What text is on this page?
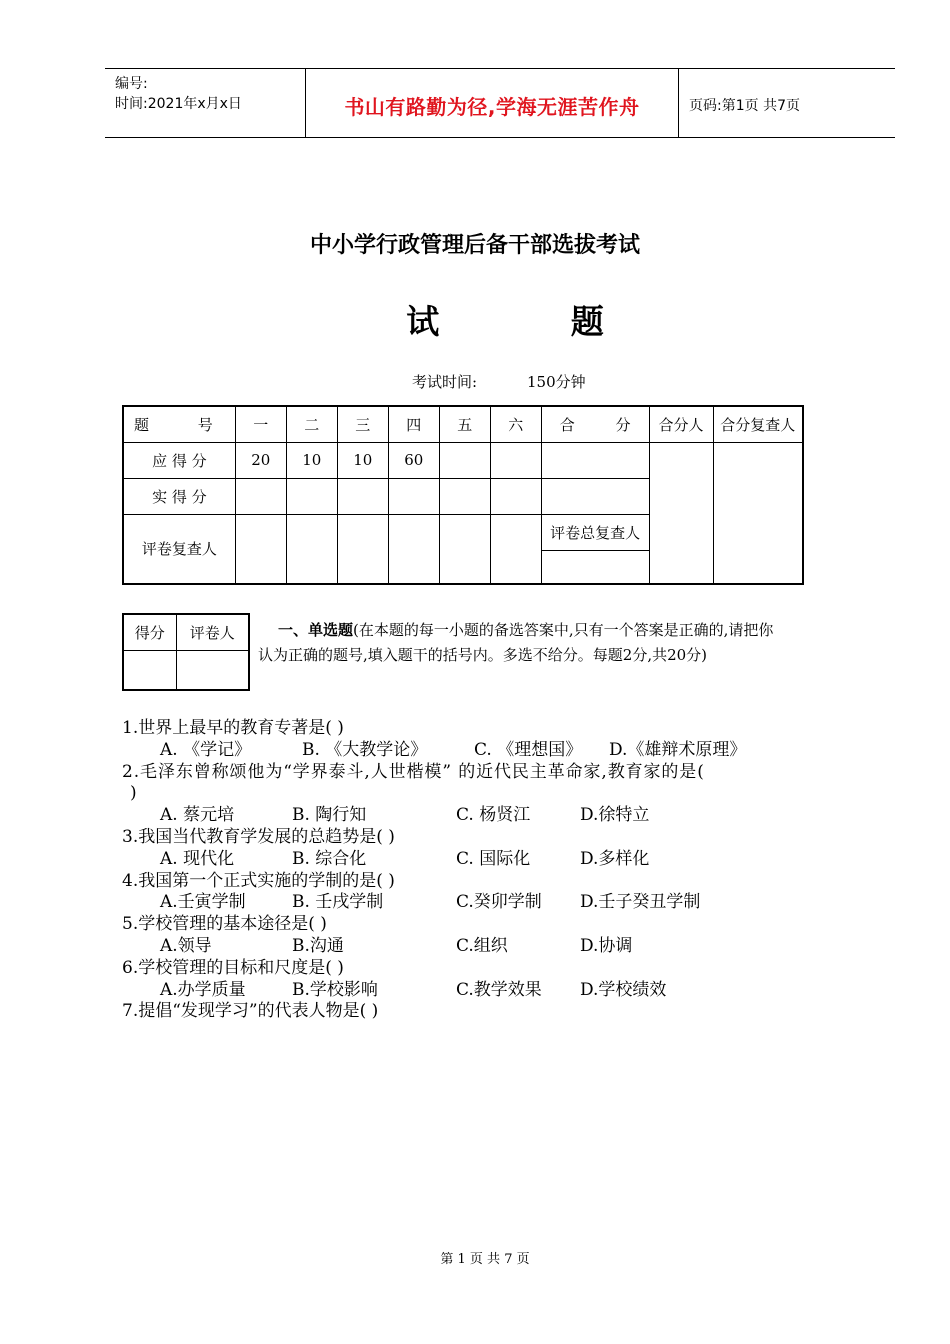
编号:
时间:2021年x月x日	书山有路勤为径,学海无涯苦作舟	页码:第1页 共7页
中小学行政管理后备干部选拔考试
试 题
考试时间:	150分钟
题 号	一	二	三	四	五	六	合 分	合分人	合分复查人
应 得 分	20	10	10	60					
实 得 分									
评卷复查人							评卷总复查人		

得分	评卷人
		一、单选题(在本题的每一小题的备选答案中,只有一个答案是正确的,请把你认为正确的题号,填入题干的括号内。多选不给分。每题2分,共20分)
1.世界上最早的教育专著是( )
A. 《学记》	B. 《大教学论》	C. 《理想国》 D.《雄辩术原理》
2.毛泽东曾称颂他为“学界泰斗,人世楷模” 的近代民主革命家,教育家的是(
)
A. 蔡元培	B. 陶行知	C. 杨贤江	D.徐特立
3.我国当代教育学发展的总趋势是( )
A. 现代化	B. 综合化	C. 国际化	D.多样化
4.我国第一个正式实施的学制的是( )
A.壬寅学制	B. 壬戌学制	C.癸卯学制 D.壬子癸丑学制
5.学校管理的基本途径是( )
A.领导	B.沟通	C.组织	D.协调
6.学校管理的目标和尺度是( )
A.办学质量	B.学校影响	C.教学效果 D.学校绩效
7.提倡“发现学习”的代表人物是( )
第 1 页 共 7 页
